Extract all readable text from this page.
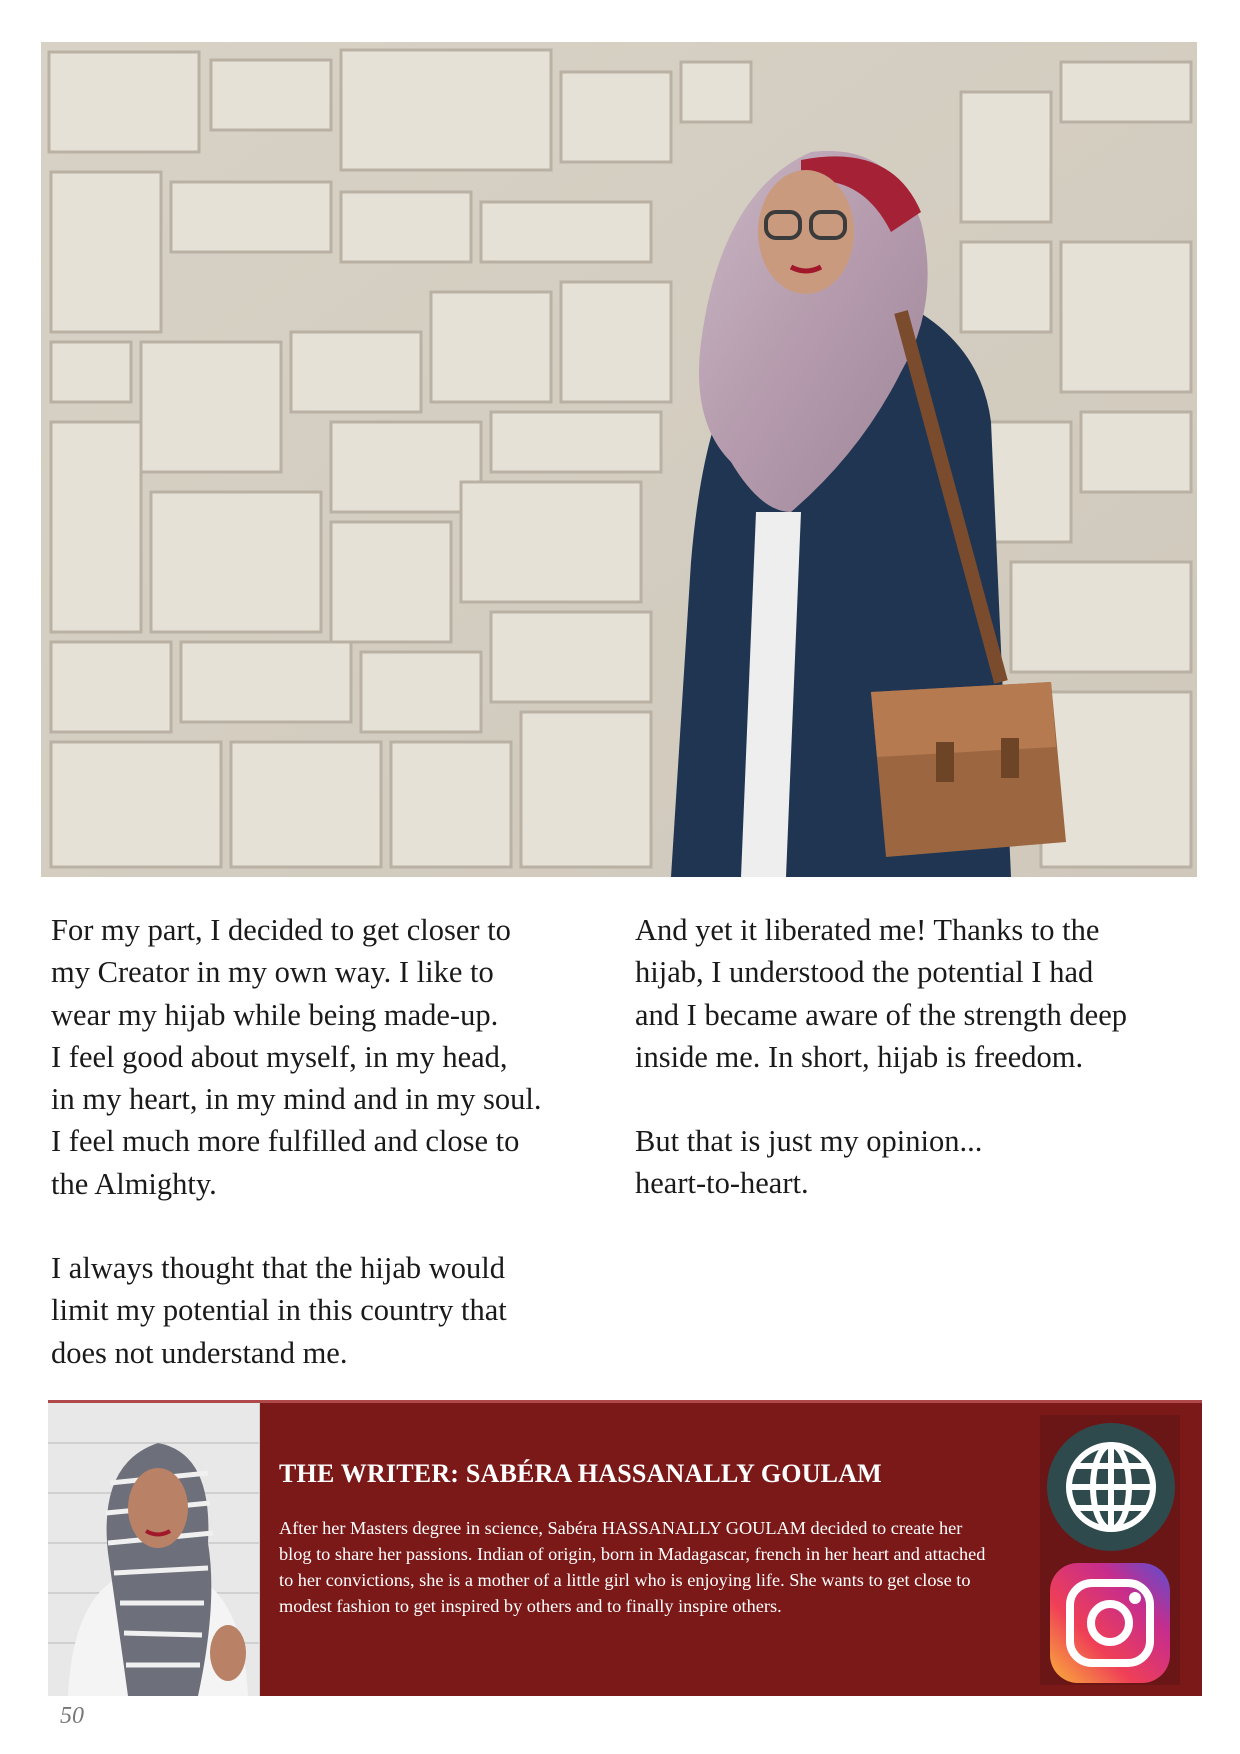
For my part, I decided to get closer to
my Creator in my own way. I like to
wear my hijab while being made-up.
I feel good about myself, in my head,
in my heart, in my mind and in my soul.
I feel much more fulfilled and close to
the Almighty.

I always thought that the hijab would
limit my potential in this country that
does not understand me.

And yet it liberated me! Thanks to the
hijab, I understood the potential I had
and I became aware of the strength deep
inside me. In short, hijab is freedom.

But that is just my opinion...
heart-to-heart.

THE WRITER: SABÉRA HASSANALLY GOULAM

After her Masters degree in science, Sabéra HASSANALLY GOULAM decided to create her blog to share her passions. Indian of origin, born in Madagascar, french in her heart and attached to her convictions, she is a mother of a little girl who is enjoying life. She wants to get close to modest fashion to get inspired by others and to finally inspire others.

50
